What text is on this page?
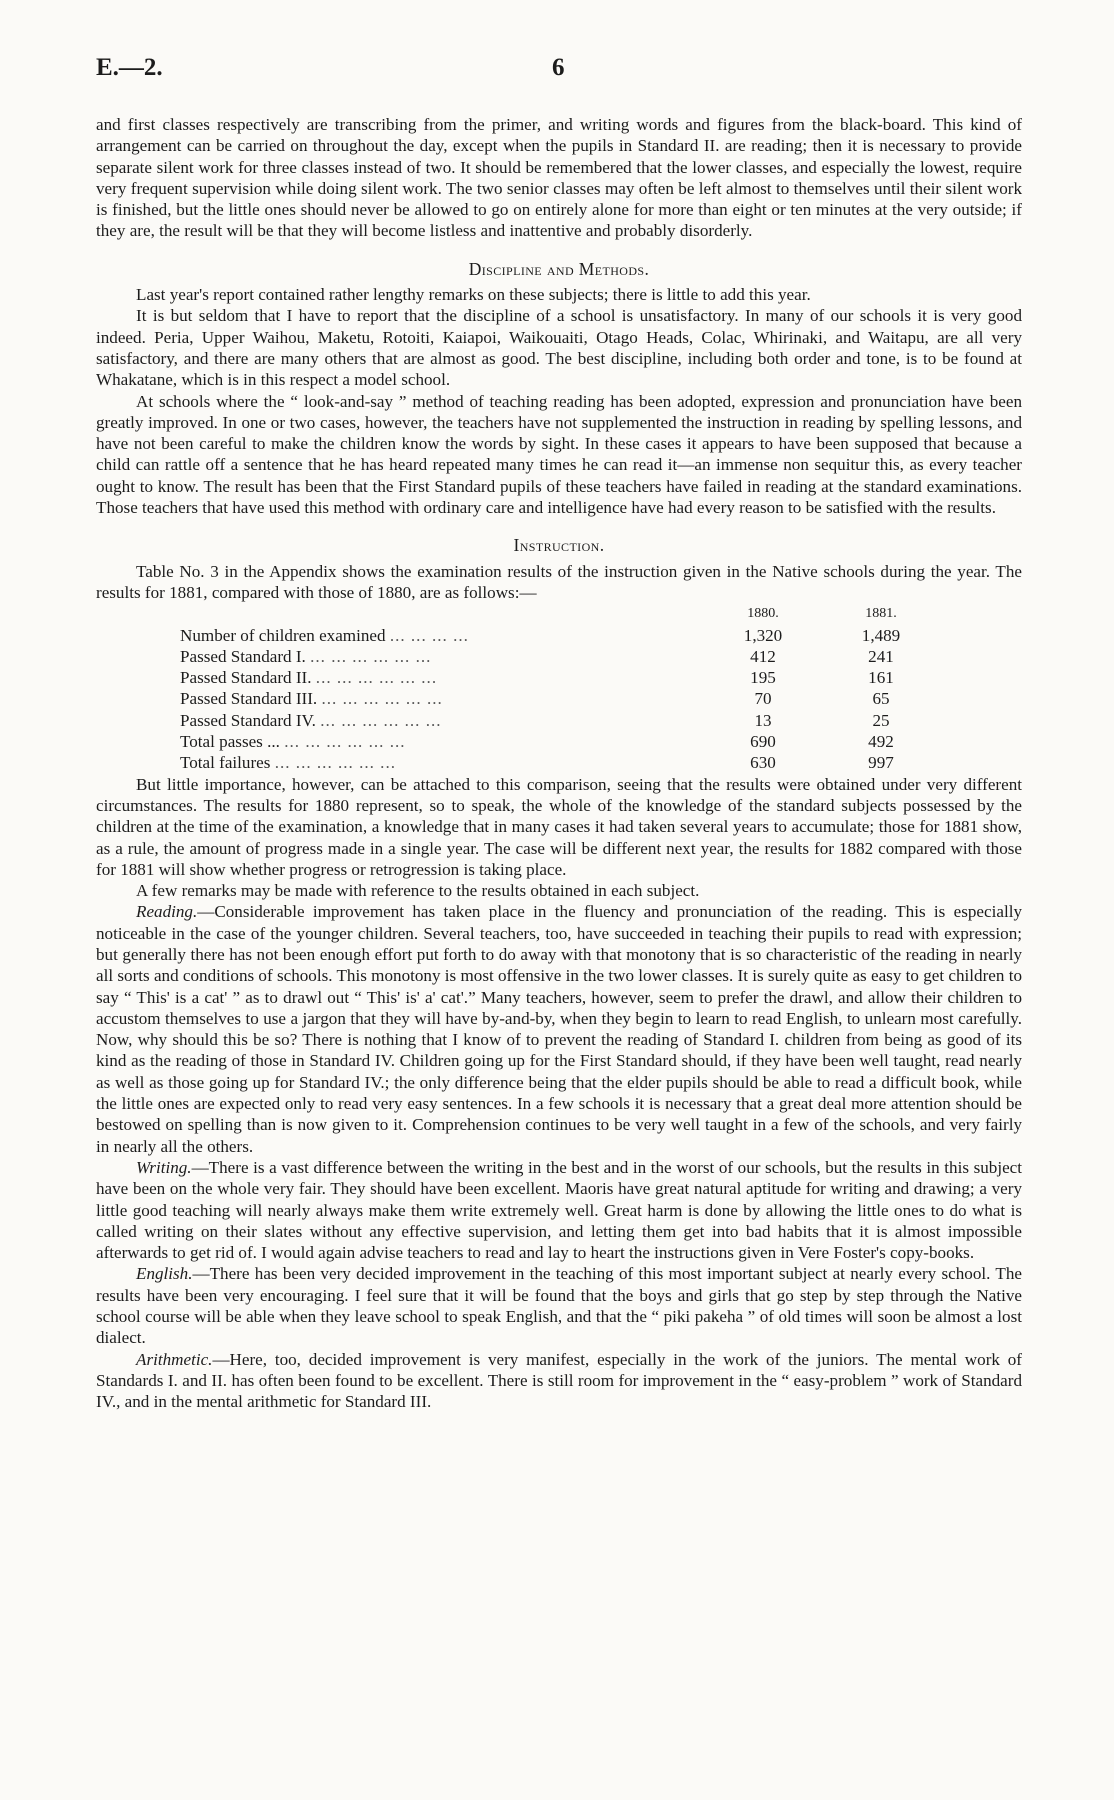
E.—2.	6

and first classes respectively are transcribing from the primer, and writing words and figures from the black-board. This kind of arrangement can be carried on throughout the day, except when the pupils in Standard II. are reading; then it is necessary to provide separate silent work for three classes instead of two. It should be remembered that the lower classes, and especially the lowest, require very frequent supervision while doing silent work. The two senior classes may often be left almost to themselves until their silent work is finished, but the little ones should never be allowed to go on entirely alone for more than eight or ten minutes at the very outside; if they are, the result will be that they will become listless and inattentive and probably disorderly.

Discipline and Methods.

Last year's report contained rather lengthy remarks on these subjects; there is little to add this year.

It is but seldom that I have to report that the discipline of a school is unsatisfactory. In many of our schools it is very good indeed. Peria, Upper Waihou, Maketu, Rotoiti, Kaiapoi, Waikouaiti, Otago Heads, Colac, Whirinaki, and Waitapu, are all very satisfactory, and there are many others that are almost as good. The best discipline, including both order and tone, is to be found at Whakatane, which is in this respect a model school.

At schools where the “ look-and-say ” method of teaching reading has been adopted, expression and pronunciation have been greatly improved. In one or two cases, however, the teachers have not supplemented the instruction in reading by spelling lessons, and have not been careful to make the children know the words by sight. In these cases it appears to have been supposed that because a child can rattle off a sentence that he has heard repeated many times he can read it—an immense non sequitur this, as every teacher ought to know. The result has been that the First Standard pupils of these teachers have failed in reading at the standard examinations. Those teachers that have used this method with ordinary care and intelligence have had every reason to be satisfied with the results.

Instruction.

Table No. 3 in the Appendix shows the examination results of the instruction given in the Native schools during the year. The results for 1881, compared with those of 1880, are as follows:—

	1880.	1881.
Number of children examined ... ... ... ...	1,320	1,489
Passed Standard I. ... ... ... ... ... ...	412	241
Passed Standard II. ... ... ... ... ... ...	195	161
Passed Standard III. ... ... ... ... ... ...	70	65
Passed Standard IV. ... ... ... ... ... ...	13	25
Total passes ... ... ... ... ... ... ...	690	492
Total failures ... ... ... ... ... ...	630	997

But little importance, however, can be attached to this comparison, seeing that the results were obtained under very different circumstances. The results for 1880 represent, so to speak, the whole of the knowledge of the standard subjects possessed by the children at the time of the examination, a knowledge that in many cases it had taken several years to accumulate; those for 1881 show, as a rule, the amount of progress made in a single year. The case will be different next year, the results for 1882 compared with those for 1881 will show whether progress or retrogression is taking place.

A few remarks may be made with reference to the results obtained in each subject.

Reading.—Considerable improvement has taken place in the fluency and pronunciation of the reading. This is especially noticeable in the case of the younger children. Several teachers, too, have succeeded in teaching their pupils to read with expression; but generally there has not been enough effort put forth to do away with that monotony that is so characteristic of the reading in nearly all sorts and conditions of schools. This monotony is most offensive in the two lower classes. It is surely quite as easy to get children to say “ This' is a cat' ” as to drawl out “ This' is' a' cat'.” Many teachers, however, seem to prefer the drawl, and allow their children to accustom themselves to use a jargon that they will have by-and-by, when they begin to learn to read English, to unlearn most carefully. Now, why should this be so? There is nothing that I know of to prevent the reading of Standard I. children from being as good of its kind as the reading of those in Standard IV. Children going up for the First Standard should, if they have been well taught, read nearly as well as those going up for Standard IV.; the only difference being that the elder pupils should be able to read a difficult book, while the little ones are expected only to read very easy sentences. In a few schools it is necessary that a great deal more attention should be bestowed on spelling than is now given to it. Comprehension continues to be very well taught in a few of the schools, and very fairly in nearly all the others.

Writing.—There is a vast difference between the writing in the best and in the worst of our schools, but the results in this subject have been on the whole very fair. They should have been excellent. Maoris have great natural aptitude for writing and drawing; a very little good teaching will nearly always make them write extremely well. Great harm is done by allowing the little ones to do what is called writing on their slates without any effective supervision, and letting them get into bad habits that it is almost impossible afterwards to get rid of. I would again advise teachers to read and lay to heart the instructions given in Vere Foster's copy-books.

English.—There has been very decided improvement in the teaching of this most important subject at nearly every school. The results have been very encouraging. I feel sure that it will be found that the boys and girls that go step by step through the Native school course will be able when they leave school to speak English, and that the “ piki pakeha ” of old times will soon be almost a lost dialect.

Arithmetic.—Here, too, decided improvement is very manifest, especially in the work of the juniors. The mental work of Standards I. and II. has often been found to be excellent. There is still room for improvement in the “ easy-problem ” work of Standard IV., and in the mental arithmetic for Standard III.
